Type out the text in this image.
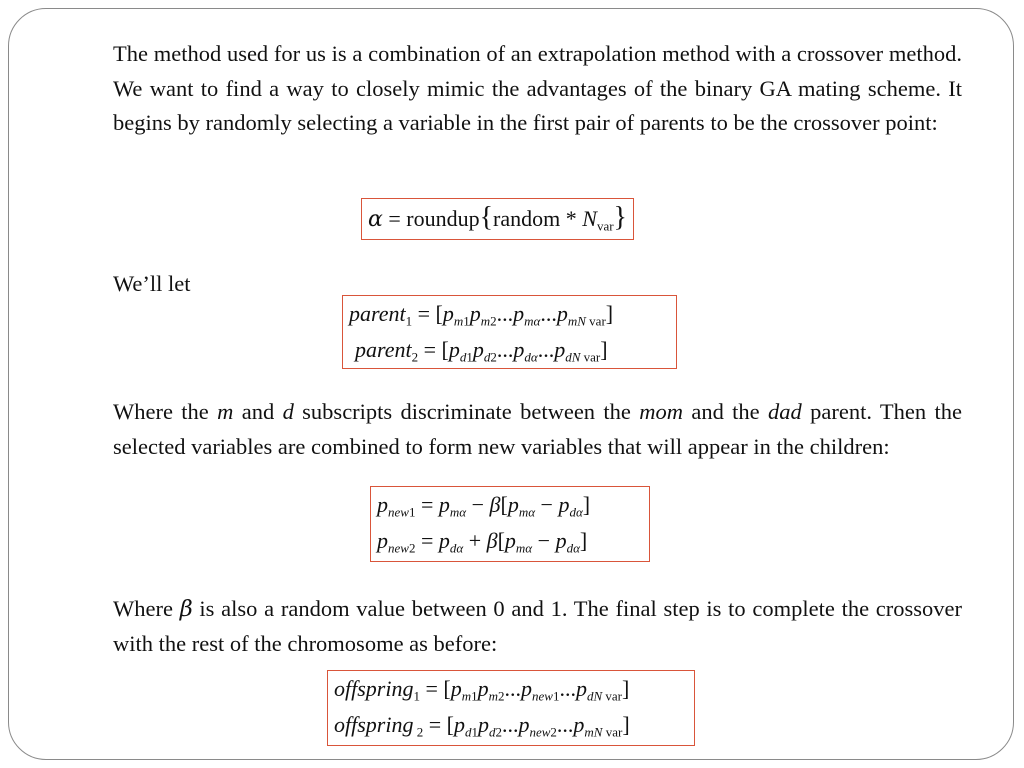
The method used for us is a combination of an extrapolation method with a crossover method. We want to find a way to closely mimic the advantages of the binary GA mating scheme. It begins by randomly selecting a variable in the first pair of parents to be the crossover point:

α = roundup{random * $N_{var}$}

We’ll let

parent$_1$ = [$p_{m1}p_{m2}...p_{m\alpha}...p_{mN}$ $_{var}$]
parent$_2$ = [$p_{d1}p_{d2}...p_{d\alpha}...p_{dN}$ $_{var}$]

Where the m and d subscripts discriminate between the mom and the dad parent. Then the selected variables are combined to form new variables that will appear in the children:

$p_{new1} = p_{m\alpha} - \beta[p_{m\alpha} - p_{d\alpha}]$
$p_{new2} = p_{d\alpha} + \beta[p_{m\alpha} - p_{d\alpha}]$

Where β is also a random value between 0 and 1. The final step is to complete the crossover with the rest of the chromosome as before:

offspring$_1$ = [$p_{m1}p_{m2}...p_{new1}...p_{dN}$ $_{var}$]
offspring $_2 = [p_{d1}p_{d2}...p_{new2}...p_{mN}$ $_{var}$]
